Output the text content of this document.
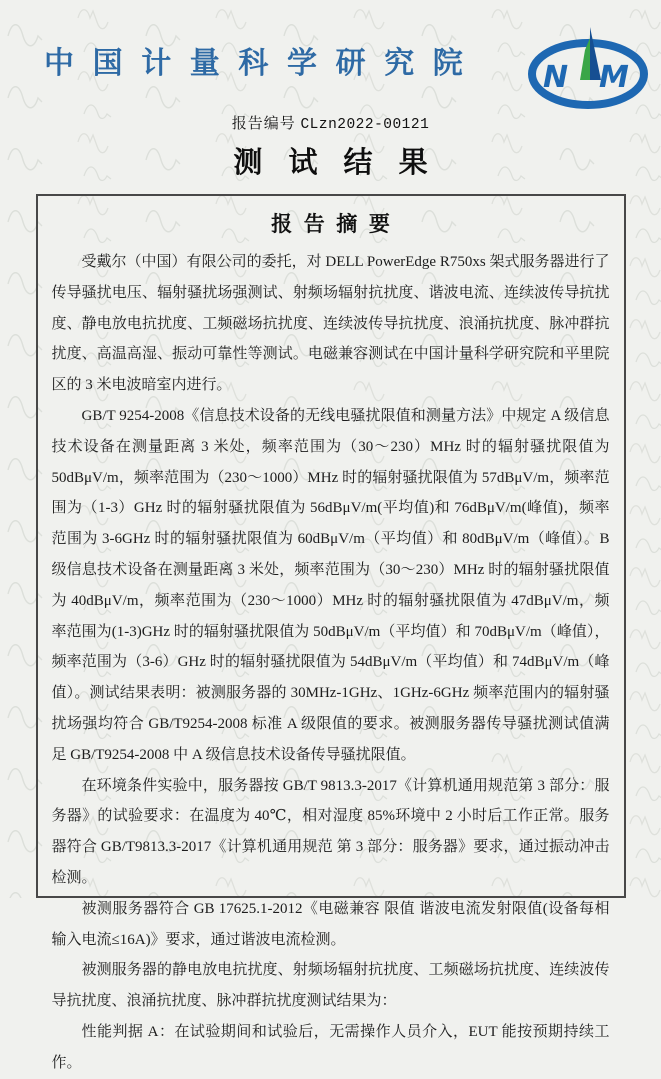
中国计量科学研究院 N M
报告编号 CLzn2022-00121
测试结果
报告摘要

受戴尔（中国）有限公司的委托，对 DELL PowerEdge R750xs 架式服务器进行了传导骚扰电压、辐射骚扰场强测试、射频场辐射抗扰度、谐波电流、连续波传导抗扰度、静电放电抗扰度、工频磁场抗扰度、连续波传导抗扰度、浪涌抗扰度、脉冲群抗扰度、高温高湿、振动可靠性等测试。电磁兼容测试在中国计量科学研究院和平里院区的 3 米电波暗室内进行。

GB/T 9254-2008《信息技术设备的无线电骚扰限值和测量方法》中规定 A 级信息技术设备在测量距离 3 米处，频率范围为（30～230）MHz 时的辐射骚扰限值为 50dBμV/m，频率范围为（230～1000）MHz 时的辐射骚扰限值为 57dBμV/m，频率范围为（1-3）GHz 时的辐射骚扰限值为 56dBμV/m(平均值)和 76dBμV/m(峰值)，频率范围为 3-6GHz 时的辐射骚扰限值为 60dBμV/m（平均值）和 80dBμV/m（峰值）。B 级信息技术设备在测量距离 3 米处，频率范围为（30～230）MHz 时的辐射骚扰限值为 40dBμV/m，频率范围为（230～1000）MHz 时的辐射骚扰限值为 47dBμV/m，频率范围为(1-3)GHz 时的辐射骚扰限值为 50dBμV/m（平均值）和 70dBμV/m（峰值），频率范围为（3-6）GHz 时的辐射骚扰限值为 54dBμV/m（平均值）和 74dBμV/m（峰值）。测试结果表明：被测服务器的 30MHz-1GHz、1GHz-6GHz 频率范围内的辐射骚扰场强均符合 GB/T9254-2008 标准 A 级限值的要求。被测服务器传导骚扰测试值满足 GB/T9254-2008 中 A 级信息技术设备传导骚扰限值。

在环境条件实验中，服务器按 GB/T 9813.3-2017《计算机通用规范第 3 部分：服务器》的试验要求：在温度为 40℃，相对湿度 85%环境中 2 小时后工作正常。服务器符合 GB/T9813.3-2017《计算机通用规范 第 3 部分：服务器》要求，通过振动冲击检测。

被测服务器符合 GB 17625.1-2012《电磁兼容 限值 谐波电流发射限值(设备每相输入电流≤16A)》要求，通过谐波电流检测。

被测服务器的静电放电抗扰度、射频场辐射抗扰度、工频磁场抗扰度、连续波传导抗扰度、浪涌抗扰度、脉冲群抗扰度测试结果为：

性能判据 A：在试验期间和试验后，无需操作人员介入，EUT 能按预期持续工作。
